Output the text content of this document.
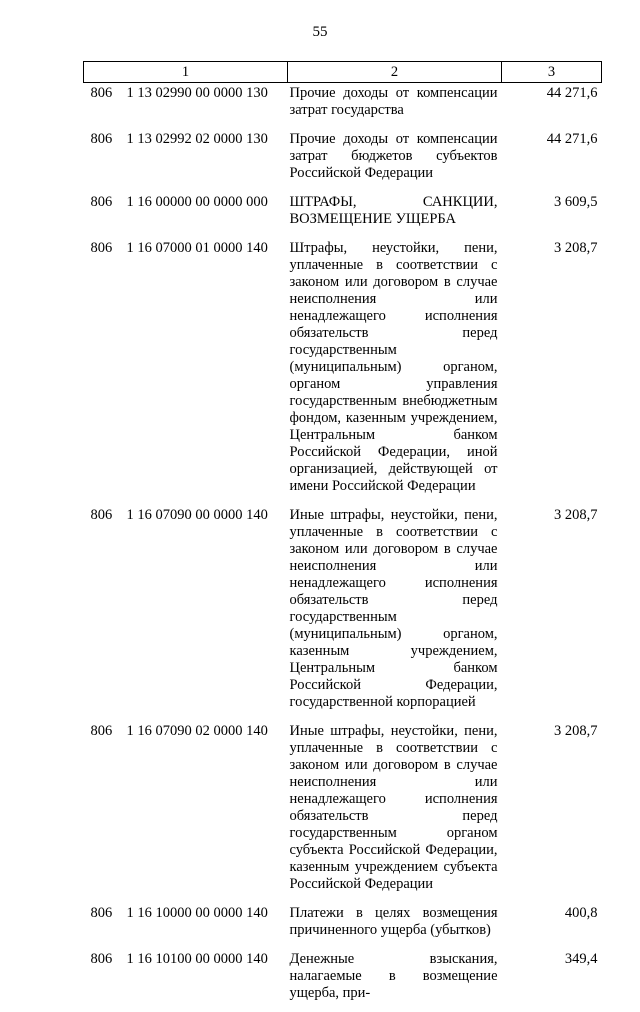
55
1		2	3
806	1 13 02990 00 0000 130	Прочие доходы от компенсации затрат государства	44 271,6
806	1 13 02992 02 0000 130	Прочие доходы от компенсации затрат бюджетов субъектов Российской Федерации	44 271,6
806	1 16 00000 00 0000 000	ШТРАФЫ, САНКЦИИ, ВОЗМЕЩЕНИЕ УЩЕРБА	3 609,5
806	1 16 07000 01 0000 140	Штрафы, неустойки, пени, уплаченные в соответствии с законом или договором в случае неисполнения или ненадлежащего исполнения обязательств перед государственным (муниципальным) органом, органом управления государственным внебюджетным фондом, казенным учреждением, Центральным банком Российской Федерации, иной организацией, действующей от имени Российской Федерации	3 208,7
806	1 16 07090 00 0000 140	Иные штрафы, неустойки, пени, уплаченные в соответствии с законом или договором в случае неисполнения или ненадлежащего исполнения обязательств перед государственным (муниципальным) органом, казенным учреждением, Центральным банком Российской Федерации, государственной корпорацией	3 208,7
806	1 16 07090 02 0000 140	Иные штрафы, неустойки, пени, уплаченные в соответствии с законом или договором в случае неисполнения или ненадлежащего исполнения обязательств перед государственным органом субъекта Российской Федерации, казенным учреждением субъекта Российской Федерации	3 208,7
806	1 16 10000 00 0000 140	Платежи в целях возмещения причиненного ущерба (убытков)	400,8
806	1 16 10100 00 0000 140	Денежные взыскания, налагаемые в возмещение ущерба, при-	349,4
